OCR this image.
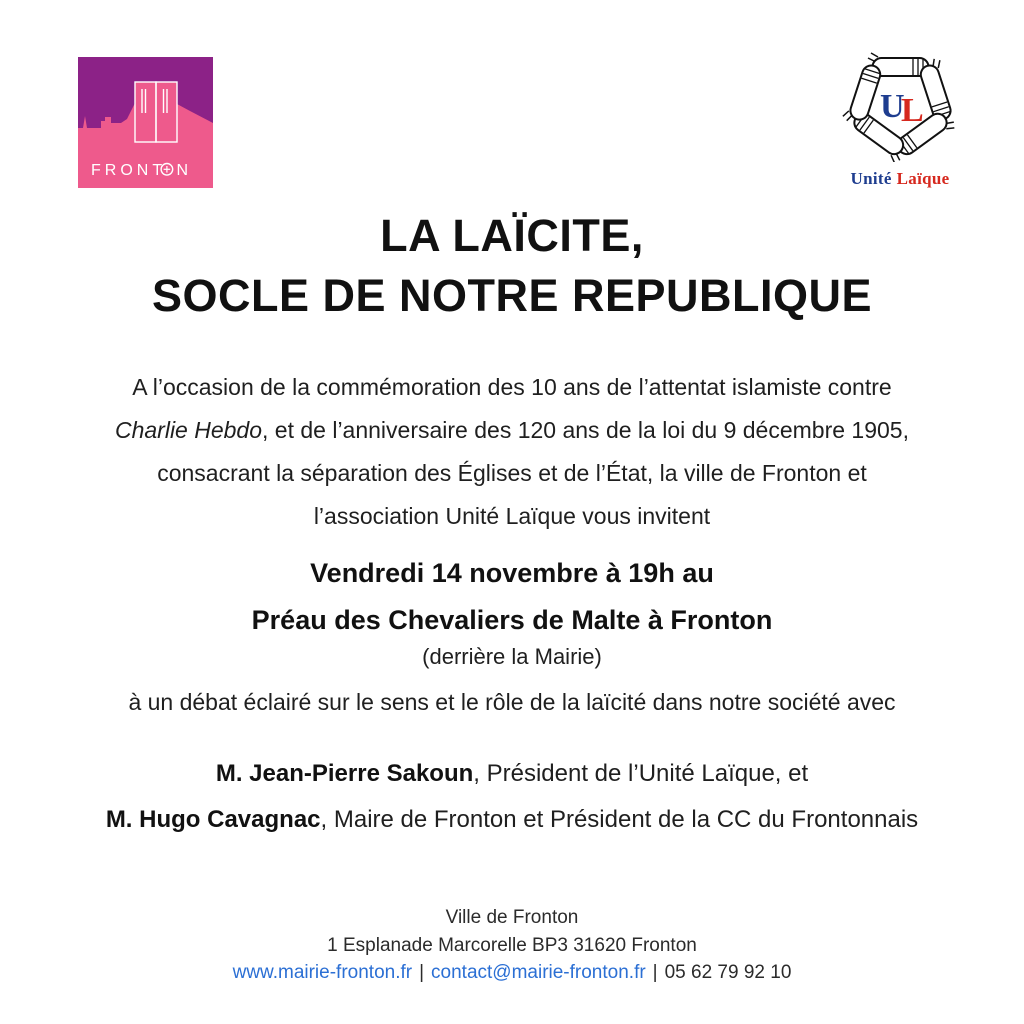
FRONT N
U
L
Unité Laïque
LA LAÏCITE,
SOCLE DE NOTRE REPUBLIQUE
A l’occasion de la commémoration des 10 ans de l’attentat islamiste contre
Charlie Hebdo, et de l’anniversaire des 120 ans de la loi du 9 décembre 1905,
consacrant la séparation des Églises et de l’État, la ville de Fronton et
l’association Unité Laïque vous invitent
Vendredi 14 novembre à 19h au
Préau des Chevaliers de Malte à Fronton
(derrière la Mairie)
à un débat éclairé sur le sens et le rôle de la laïcité dans notre société avec
M. Jean-Pierre Sakoun, Président de l’Unité Laïque, et
M. Hugo Cavagnac, Maire de Fronton et Président de la CC du Frontonnais
Ville de Fronton
1 Esplanade Marcorelle BP3 31620 Fronton
www.mairie-fronton.fr | contact@mairie-fronton.fr | 05 62 79 92 10
